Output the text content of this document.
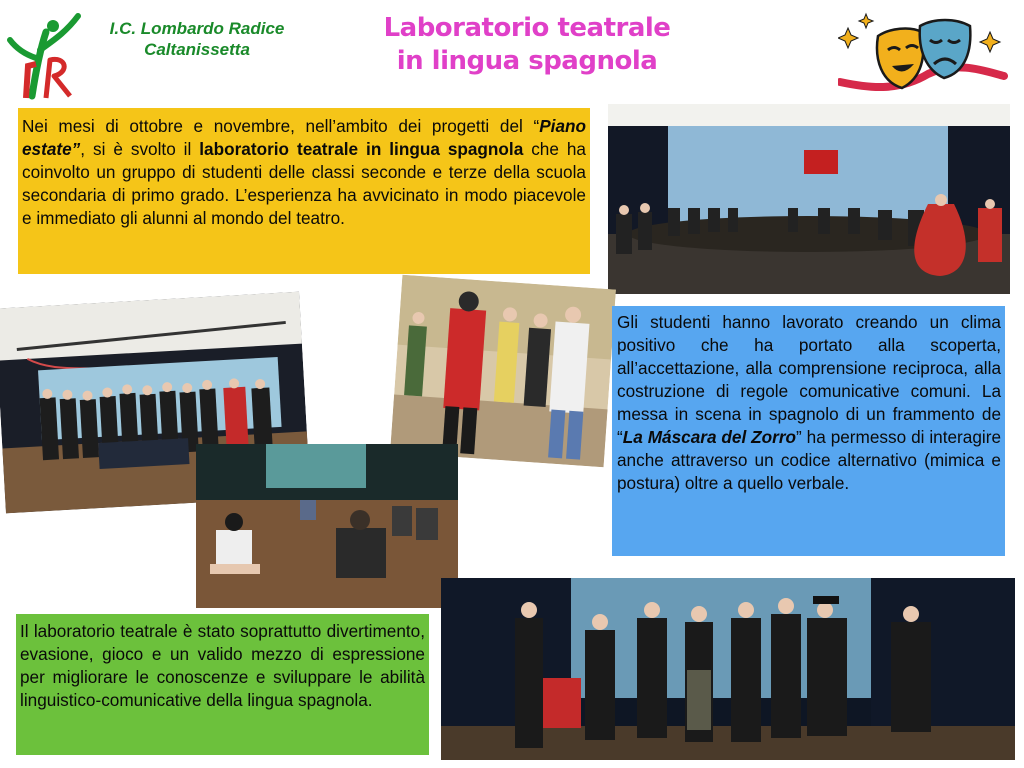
I.C. Lombardo Radice
Caltanissetta
Laboratorio teatrale
in lingua spagnola
Nei mesi di ottobre e novembre, nell’ambito dei progetti del “Piano estate”, si è svolto il laboratorio teatrale in lingua spagnola che ha coinvolto un gruppo di studenti delle classi seconde e terze della scuola secondaria di primo grado. L’esperienza ha avvicinato in modo piacevole e immediato gli alunni al mondo del teatro.
Gli studenti hanno lavorato creando un clima positivo che ha portato alla scoperta, all’accettazione, alla comprensione reciproca, alla costruzione di regole comunicative comuni. La messa in scena in spagnolo di un frammento de “La Máscara del Zorro” ha permesso di interagire anche attraverso un codice alternativo (mimica e postura) oltre a quello verbale.
Il laboratorio teatrale è stato soprattutto divertimento, evasione, gioco e un valido mezzo di espressione per migliorare le conoscenze e sviluppare le abilità linguistico-comunicative della lingua spagnola.
